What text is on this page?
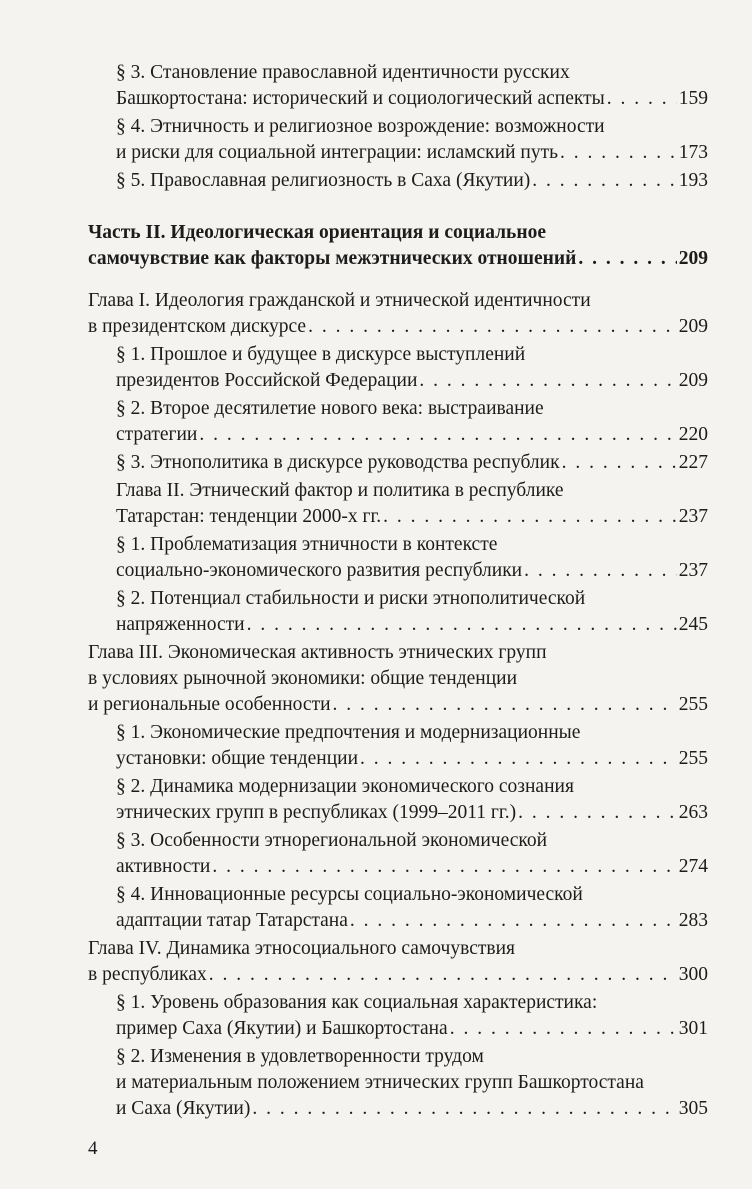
§ 3. Становление православной идентичности русских
Башкортостана: исторический и социологический аспекты . . .	159
§ 4. Этничность и религиозное возрождение: возможности
и риски для социальной интеграции: исламский путь . . .	173
§ 5. Православная религиозность в Саха (Якутии) . . .	193
Часть II. Идеологическая ориентация и социальное
самочувствие как факторы межэтнических отношений . . .	209
Глава I. Идеология гражданской и этнической идентичности
в президентском дискурсе . . .	209
§ 1. Прошлое и будущее в дискурсе выступлений
президентов Российской Федерации . . .	209
§ 2. Второе десятилетие нового века: выстраивание
стратегии . . .	220
§ 3. Этнополитика в дискурсе руководства республик . . .	227
Глава II. Этнический фактор и политика в республике
Татарстан: тенденции 2000-х гг. . . .	237
§ 1. Проблематизация этничности в контексте
социально-экономического развития республики . . .	237
§ 2. Потенциал стабильности и риски этнополитической
напряженности . . .	245
Глава III. Экономическая активность этнических групп
в условиях рыночной экономики: общие тенденции
и региональные особенности . . .	255
§ 1. Экономические предпочтения и модернизационные
установки: общие тенденции . . .	255
§ 2. Динамика модернизации экономического сознания
этнических групп в республиках (1999–2011 гг.) . . .	263
§ 3. Особенности этнорегиональной экономической
активности . . .	274
§ 4. Инновационные ресурсы социально-экономической
адаптации татар Татарстана . . .	283
Глава IV. Динамика этносоциального самочувствия
в республиках . . .	300
§ 1. Уровень образования как социальная характеристика:
пример Саха (Якутии) и Башкортостана . . .	301
§ 2. Изменения в удовлетворенности трудом
и материальным положением этнических групп Башкортостана
и Саха (Якутии) . . .	305
4
